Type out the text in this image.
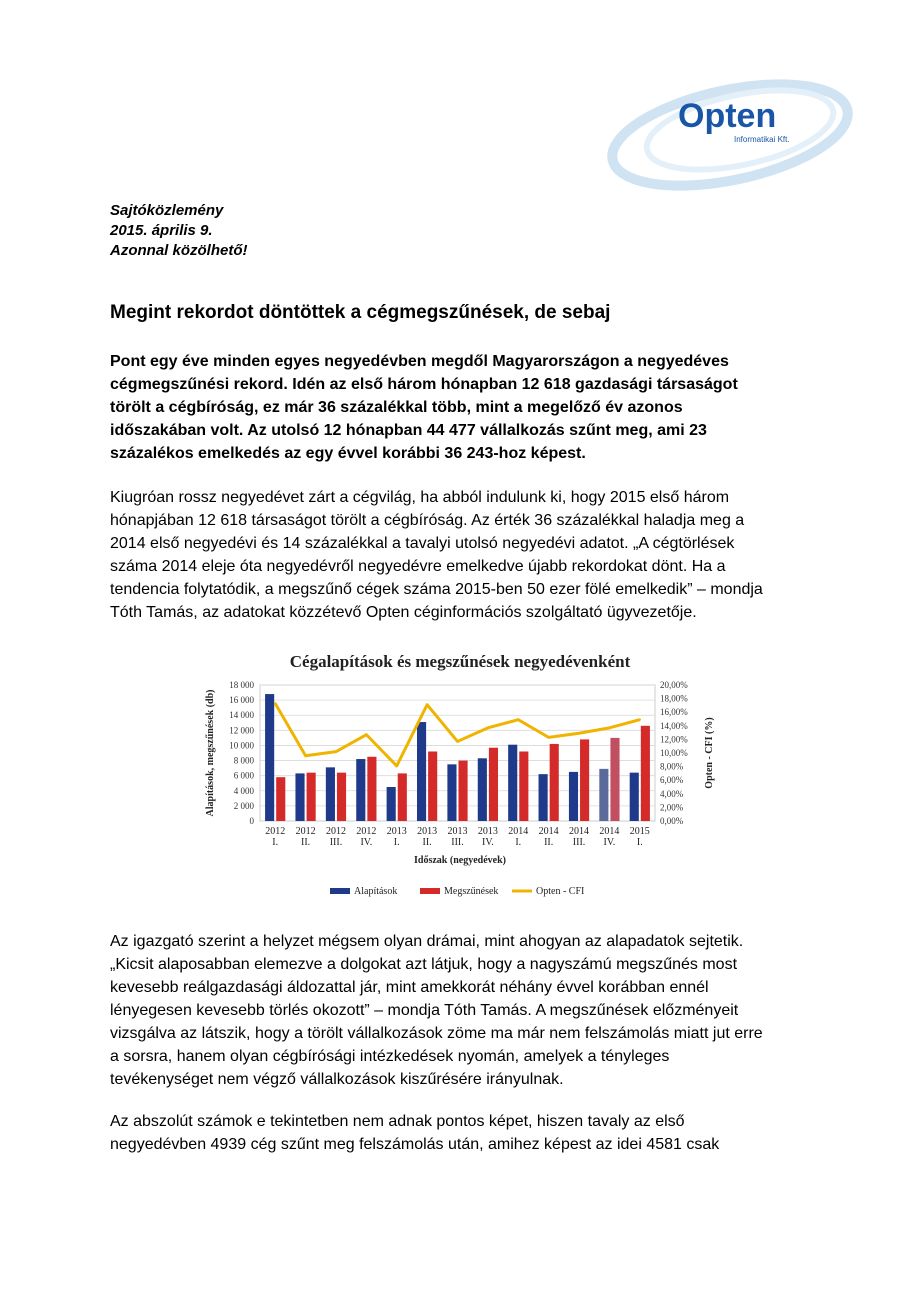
Opten
Informatikai Kft.
Sajtóközlemény
2015. április 9.
Azonnal közölhető!
Megint rekordot döntöttek a cégmegszűnések, de sebaj
Pont egy éve minden egyes negyedévben megdől Magyarországon a negyedéves
cégmegszűnési rekord. Idén az első három hónapban 12 618 gazdasági társaságot
törölt a cégbíróság, ez már 36 százalékkal több, mint a megelőző év azonos
időszakában volt. Az utolsó 12 hónapban 44 477 vállalkozás szűnt meg, ami 23
százalékos emelkedés az egy évvel korábbi 36 243-hoz képest.
Kiugróan rossz negyedévet zárt a cégvilág, ha abból indulunk ki, hogy 2015 első három
hónapjában 12 618 társaságot törölt a cégbíróság. Az érték 36 százalékkal haladja meg a
2014 első negyedévi és 14 százalékkal a tavalyi utolsó negyedévi adatot. „A cégtörlések
száma 2014 eleje óta negyedévről negyedévre emelkedve újabb rekordokat dönt. Ha a
tendencia folytatódik, a megszűnő cégek száma 2015-ben 50 ezer fölé emelkedik” – mondja
Tóth Tamás, az adatokat közzétevő Opten céginformációs szolgáltató ügyvezetője.
Cégalapítások és megszűnések negyedévenként
0
2 000
4 000
6 000
8 000
10 000
12 000
14 000
16 000
18 000
0,00%
2,00%
4,00%
6,00%
8,00%
10,00%
12,00%
14,00%
16,00%
18,00%
20,00%
2012
I.
2012
II.
2012
III.
2012
IV.
2013
I.
2013
II.
2013
III.
2013
IV.
2014
I.
2014
II.
2014
III.
2014
IV.
2015
I.
Időszak (negyedévek)
Alapítások, megszűnések (db)	Opten - CFI (%)
Alapítások	Megszűnések	Opten - CFI
Az igazgató szerint a helyzet mégsem olyan drámai, mint ahogyan az alapadatok sejtetik.
„Kicsit alaposabban elemezve a dolgokat azt látjuk, hogy a nagyszámú megszűnés most
kevesebb reálgazdasági áldozattal jár, mint amekkorát néhány évvel korábban ennél
lényegesen kevesebb törlés okozott” – mondja Tóth Tamás. A megszűnések előzményeit
vizsgálva az látszik, hogy a törölt vállalkozások zöme ma már nem felszámolás miatt jut erre
a sorsra, hanem olyan cégbírósági intézkedések nyomán, amelyek a tényleges
tevékenységet nem végző vállalkozások kiszűrésére irányulnak.
Az abszolút számok e tekintetben nem adnak pontos képet, hiszen tavaly az első
negyedévben 4939 cég szűnt meg felszámolás után, amihez képest az idei 4581 csak
